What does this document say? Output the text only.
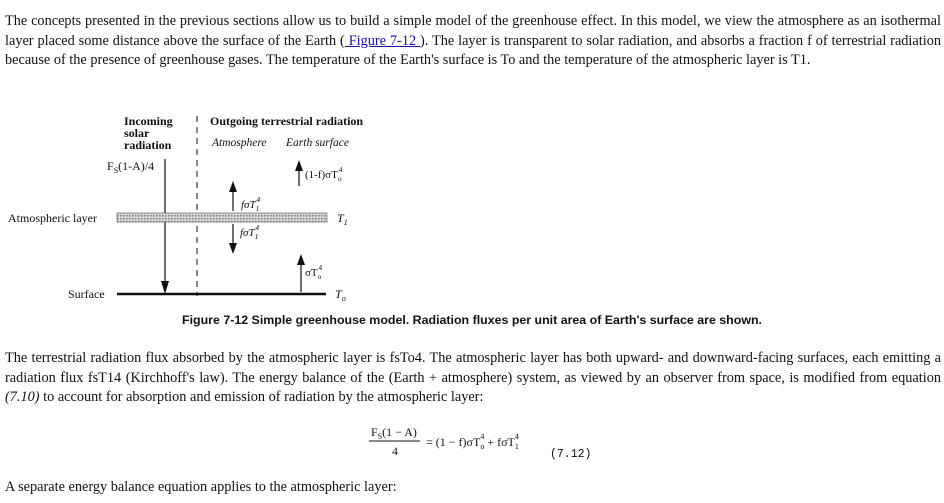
The concepts presented in the previous sections allow us to build a simple model of the greenhouse effect. In this model, we view the atmosphere as an isothermal layer placed some distance above the surface of the Earth ( Figure 7-12 ). The layer is transparent to solar radiation, and absorbs a fraction f of terrestrial radiation because of the presence of greenhouse gases. The temperature of the Earth's surface is To and the temperature of the atmospheric layer is T1.

Incoming
solar
radiation
Outgoing terrestrial radiation
Atmosphere Earth surface
$F_S(1-A)/4$
Atmospheric layer	$T_1$
fσT$_1$4
fσT$_1$4
$(1-f)\sigma T_o4$
$\sigma T_o4$
Surface	$T_o$
Figure 7-12 Simple greenhouse model. Radiation fluxes per unit area of Earth's surface are shown.

The terrestrial radiation flux absorbed by the atmospheric layer is fsTo4. The atmospheric layer has both upward- and downward-facing surfaces, each emitting a radiation flux fsT14 (Kirchhoff's law). The energy balance of the (Earth + atmosphere) system, as viewed by an observer from space, is modified from equation (7.10) to account for absorption and emission of radiation by the atmospheric layer:

$F_S(1 - A)$
4
= $(1 - f)\sigma T_o4 + f\sigma T_14$
(7.12)

A separate energy balance equation applies to the atmospheric layer:
